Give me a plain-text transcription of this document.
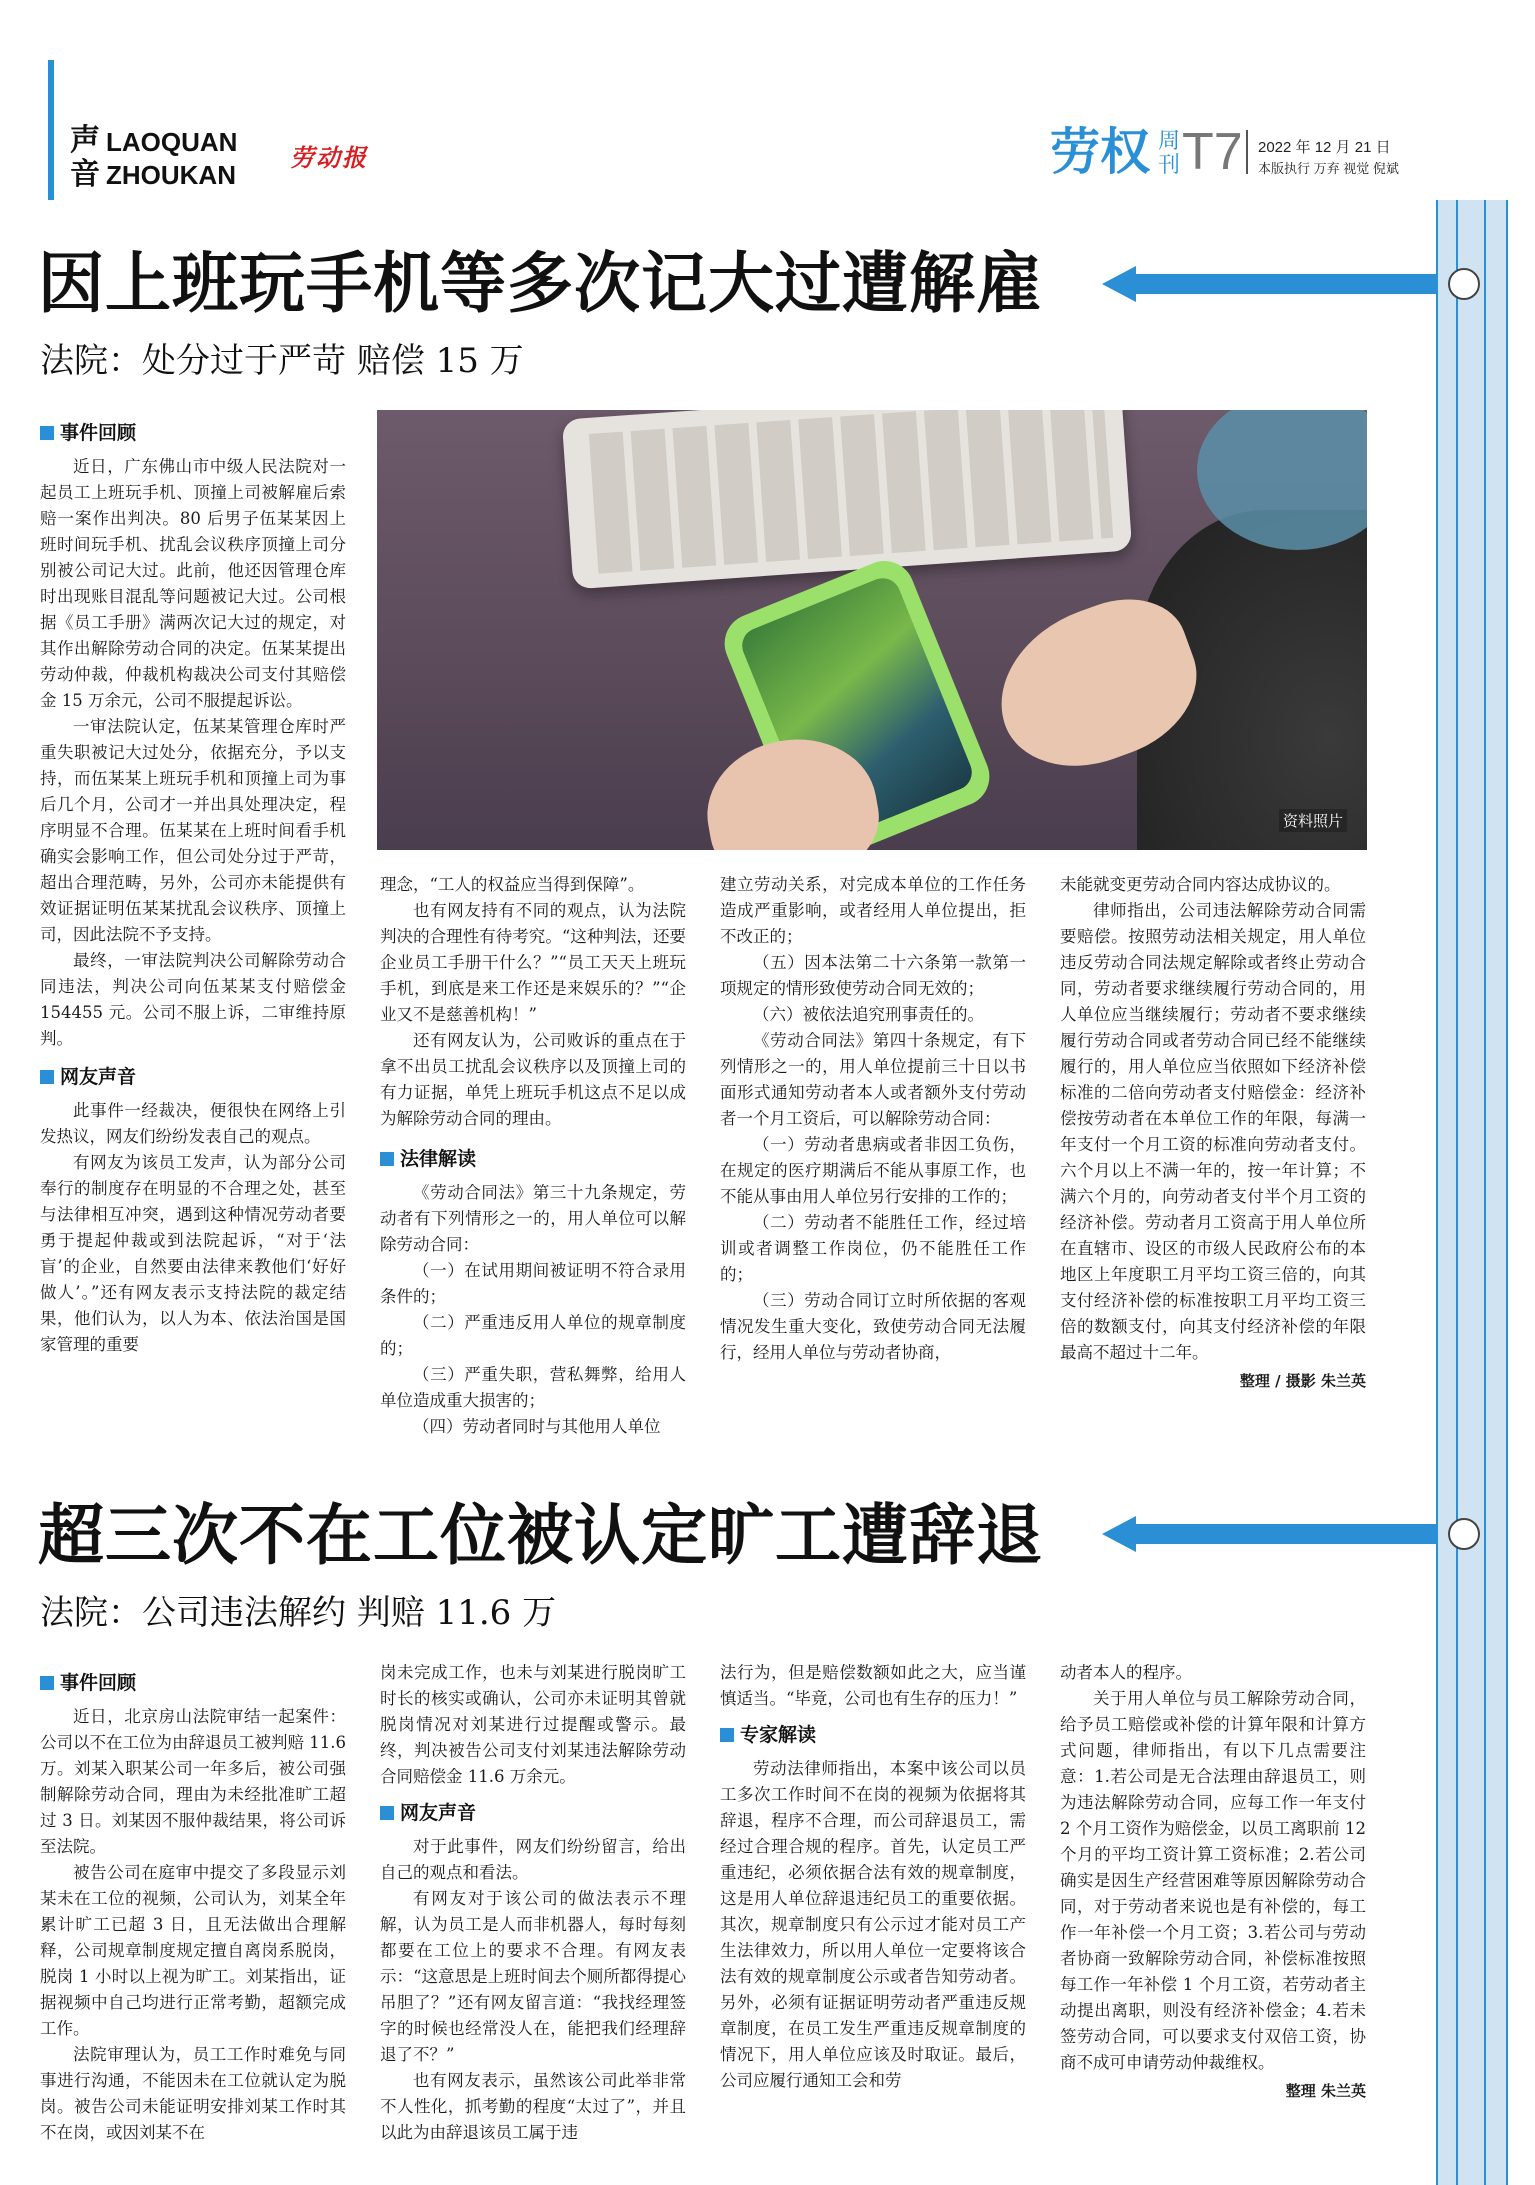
声音
LAOQUAN
ZHOUKAN
劳动报	劳权 周刊 T7 2022 年 12 月 21 日
本版执行 万弃 视觉 倪斌
因上班玩手机等多次记大过遭解雇
法院：处分过于严苛 赔偿 15 万
资料照片
事件回顾

近日，广东佛山市中级人民法院对一起员工上班玩手机、顶撞上司被解雇后索赔一案作出判决。80 后男子伍某某因上班时间玩手机、扰乱会议秩序顶撞上司分别被公司记大过。此前，他还因管理仓库时出现账目混乱等问题被记大过。公司根据《员工手册》满两次记大过的规定，对其作出解除劳动合同的决定。伍某某提出劳动仲裁，仲裁机构裁决公司支付其赔偿金 15 万余元，公司不服提起诉讼。

一审法院认定，伍某某管理仓库时严重失职被记大过处分，依据充分，予以支持，而伍某某上班玩手机和顶撞上司为事后几个月，公司才一并出具处理决定，程序明显不合理。伍某某在上班时间看手机确实会影响工作，但公司处分过于严苛，超出合理范畴，另外，公司亦未能提供有效证据证明伍某某扰乱会议秩序、顶撞上司，因此法院不予支持。

最终，一审法院判决公司解除劳动合同违法，判决公司向伍某某支付赔偿金 154455 元。公司不服上诉，二审维持原判。

网友声音

此事件一经裁决，便很快在网络上引发热议，网友们纷纷发表自己的观点。

有网友为该员工发声，认为部分公司奉行的制度存在明显的不合理之处，甚至与法律相互冲突，遇到这种情况劳动者要勇于提起仲裁或到法院起诉，“对于‘法盲’的企业，自然要由法律来教他们‘好好做人’。”还有网友表示支持法院的裁定结果，他们认为，以人为本、依法治国是国家管理的重要

理念，“工人的权益应当得到保障”。

也有网友持有不同的观点，认为法院判决的合理性有待考究。“这种判法，还要企业员工手册干什么？”“员工天天上班玩手机，到底是来工作还是来娱乐的？”“企业又不是慈善机构！”

还有网友认为，公司败诉的重点在于拿不出员工扰乱会议秩序以及顶撞上司的有力证据，单凭上班玩手机这点不足以成为解除劳动合同的理由。

法律解读

《劳动合同法》第三十九条规定，劳动者有下列情形之一的，用人单位可以解除劳动合同：

（一）在试用期间被证明不符合录用条件的；

（二）严重违反用人单位的规章制度的；

（三）严重失职，营私舞弊，给用人单位造成重大损害的；

（四）劳动者同时与其他用人单位

建立劳动关系，对完成本单位的工作任务造成严重影响，或者经用人单位提出，拒不改正的；

（五）因本法第二十六条第一款第一项规定的情形致使劳动合同无效的；

（六）被依法追究刑事责任的。

《劳动合同法》第四十条规定，有下列情形之一的，用人单位提前三十日以书面形式通知劳动者本人或者额外支付劳动者一个月工资后，可以解除劳动合同：

（一）劳动者患病或者非因工负伤，在规定的医疗期满后不能从事原工作，也不能从事由用人单位另行安排的工作的；

（二）劳动者不能胜任工作，经过培训或者调整工作岗位，仍不能胜任工作的；

（三）劳动合同订立时所依据的客观情况发生重大变化，致使劳动合同无法履行，经用人单位与劳动者协商，

未能就变更劳动合同内容达成协议的。

律师指出，公司违法解除劳动合同需要赔偿。按照劳动法相关规定，用人单位违反劳动合同法规定解除或者终止劳动合同，劳动者要求继续履行劳动合同的，用人单位应当继续履行；劳动者不要求继续履行劳动合同或者劳动合同已经不能继续履行的，用人单位应当依照如下经济补偿标准的二倍向劳动者支付赔偿金：经济补偿按劳动者在本单位工作的年限，每满一年支付一个月工资的标准向劳动者支付。六个月以上不满一年的，按一年计算；不满六个月的，向劳动者支付半个月工资的经济补偿。劳动者月工资高于用人单位所在直辖市、设区的市级人民政府公布的本地区上年度职工月平均工资三倍的，向其支付经济补偿的标准按职工月平均工资三倍的数额支付，向其支付经济补偿的年限最高不超过十二年。

整理 / 摄影 朱兰英
超三次不在工位被认定旷工遭辞退
法院：公司违法解约 判赔 11.6 万
事件回顾

近日，北京房山法院审结一起案件：公司以不在工位为由辞退员工被判赔 11.6 万。刘某入职某公司一年多后，被公司强制解除劳动合同，理由为未经批准旷工超过 3 日。刘某因不服仲裁结果，将公司诉至法院。

被告公司在庭审中提交了多段显示刘某未在工位的视频，公司认为，刘某全年累计旷工已超 3 日，且无法做出合理解释，公司规章制度规定擅自离岗系脱岗，脱岗 1 小时以上视为旷工。刘某指出，证据视频中自己均进行正常考勤，超额完成工作。

法院审理认为，员工工作时难免与同事进行沟通，不能因未在工位就认定为脱岗。被告公司未能证明安排刘某工作时其不在岗，或因刘某不在

岗未完成工作，也未与刘某进行脱岗旷工时长的核实或确认，公司亦未证明其曾就脱岗情况对刘某进行过提醒或警示。最终，判决被告公司支付刘某违法解除劳动合同赔偿金 11.6 万余元。

网友声音

对于此事件，网友们纷纷留言，给出自己的观点和看法。

有网友对于该公司的做法表示不理解，认为员工是人而非机器人，每时每刻都要在工位上的要求不合理。有网友表示：“这意思是上班时间去个厕所都得提心吊胆了？”还有网友留言道：“我找经理签字的时候也经常没人在，能把我们经理辞退了不？”

也有网友表示，虽然该公司此举非常不人性化，抓考勤的程度“太过了”，并且以此为由辞退该员工属于违

法行为，但是赔偿数额如此之大，应当谨慎适当。“毕竟，公司也有生存的压力！”

专家解读

劳动法律师指出，本案中该公司以员工多次工作时间不在岗的视频为依据将其辞退，程序不合理，而公司辞退员工，需经过合理合规的程序。首先，认定员工严重违纪，必须依据合法有效的规章制度，这是用人单位辞退违纪员工的重要依据。其次，规章制度只有公示过才能对员工产生法律效力，所以用人单位一定要将该合法有效的规章制度公示或者告知劳动者。另外，必须有证据证明劳动者严重违反规章制度，在员工发生严重违反规章制度的情况下，用人单位应该及时取证。最后，公司应履行通知工会和劳

动者本人的程序。

关于用人单位与员工解除劳动合同，给予员工赔偿或补偿的计算年限和计算方式问题，律师指出，有以下几点需要注意：1.若公司是无合法理由辞退员工，则为违法解除劳动合同，应每工作一年支付 2 个月工资作为赔偿金，以员工离职前 12 个月的平均工资计算工资标准；2.若公司确实是因生产经营困难等原因解除劳动合同，对于劳动者来说也是有补偿的，每工作一年补偿一个月工资；3.若公司与劳动者协商一致解除劳动合同，补偿标准按照每工作一年补偿 1 个月工资，若劳动者主动提出离职，则没有经济补偿金；4.若未签劳动合同，可以要求支付双倍工资，协商不成可申请劳动仲裁维权。

整理 朱兰英
